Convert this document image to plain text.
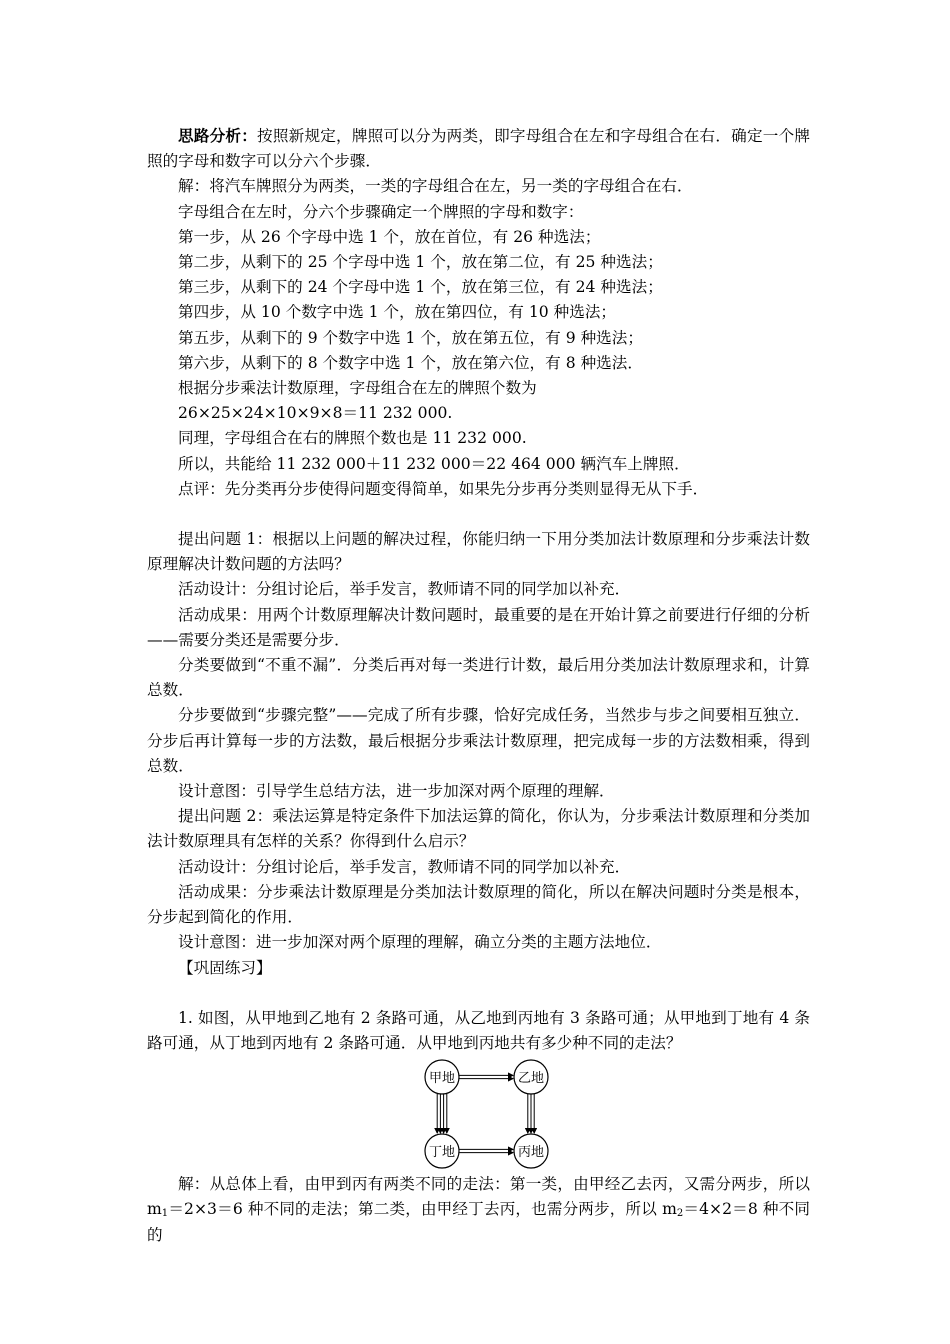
思路分析：按照新规定，牌照可以分为两类，即字母组合在左和字母组合在右．确定一个牌照的字母和数字可以分六个步骤．

解：将汽车牌照分为两类，一类的字母组合在左，另一类的字母组合在右．

字母组合在左时，分六个步骤确定一个牌照的字母和数字：

第一步，从 26 个字母中选 1 个，放在首位，有 26 种选法；

第二步，从剩下的 25 个字母中选 1 个，放在第二位，有 25 种选法；

第三步，从剩下的 24 个字母中选 1 个，放在第三位，有 24 种选法；

第四步，从 10 个数字中选 1 个，放在第四位，有 10 种选法；

第五步，从剩下的 9 个数字中选 1 个，放在第五位，有 9 种选法；

第六步，从剩下的 8 个数字中选 1 个，放在第六位，有 8 种选法．

根据分步乘法计数原理，字母组合在左的牌照个数为

26×25×24×10×9×8＝11 232 000.

同理，字母组合在右的牌照个数也是 11 232 000.

所以，共能给 11 232 000＋11 232 000＝22 464 000 辆汽车上牌照．

点评：先分类再分步使得问题变得简单，如果先分步再分类则显得无从下手．

提出问题 1：根据以上问题的解决过程，你能归纳一下用分类加法计数原理和分步乘法计数原理解决计数问题的方法吗？

活动设计：分组讨论后，举手发言，教师请不同的同学加以补充．

活动成果：用两个计数原理解决计数问题时，最重要的是在开始计算之前要进行仔细的分析——需要分类还是需要分步．

分类要做到“不重不漏”．分类后再对每一类进行计数，最后用分类加法计数原理求和，计算总数．

分步要做到“步骤完整”——完成了所有步骤，恰好完成任务，当然步与步之间要相互独立．分步后再计算每一步的方法数，最后根据分步乘法计数原理，把完成每一步的方法数相乘，得到总数．

设计意图：引导学生总结方法，进一步加深对两个原理的理解．

提出问题 2：乘法运算是特定条件下加法运算的简化，你认为，分步乘法计数原理和分类加法计数原理具有怎样的关系？你得到什么启示？

活动设计：分组讨论后，举手发言，教师请不同的同学加以补充．

活动成果：分步乘法计数原理是分类加法计数原理的简化，所以在解决问题时分类是根本，分步起到简化的作用．

设计意图：进一步加深对两个原理的理解，确立分类的主题方法地位．

【巩固练习】

1. 如图，从甲地到乙地有 2 条路可通，从乙地到丙地有 3 条路可通；从甲地到丁地有 4 条路可通，从丁地到丙地有 2 条路可通．从甲地到丙地共有多少种不同的走法？

甲地	乙地
丁地	丙地

解：从总体上看，由甲到丙有两类不同的走法：第一类，由甲经乙去丙，又需分两步，所以 $m_1=2\times 3=6$ 种不同的走法；第二类，由甲经丁去丙，也需分两步，所以 $m_2=4\times 2=8$ 种不同的
